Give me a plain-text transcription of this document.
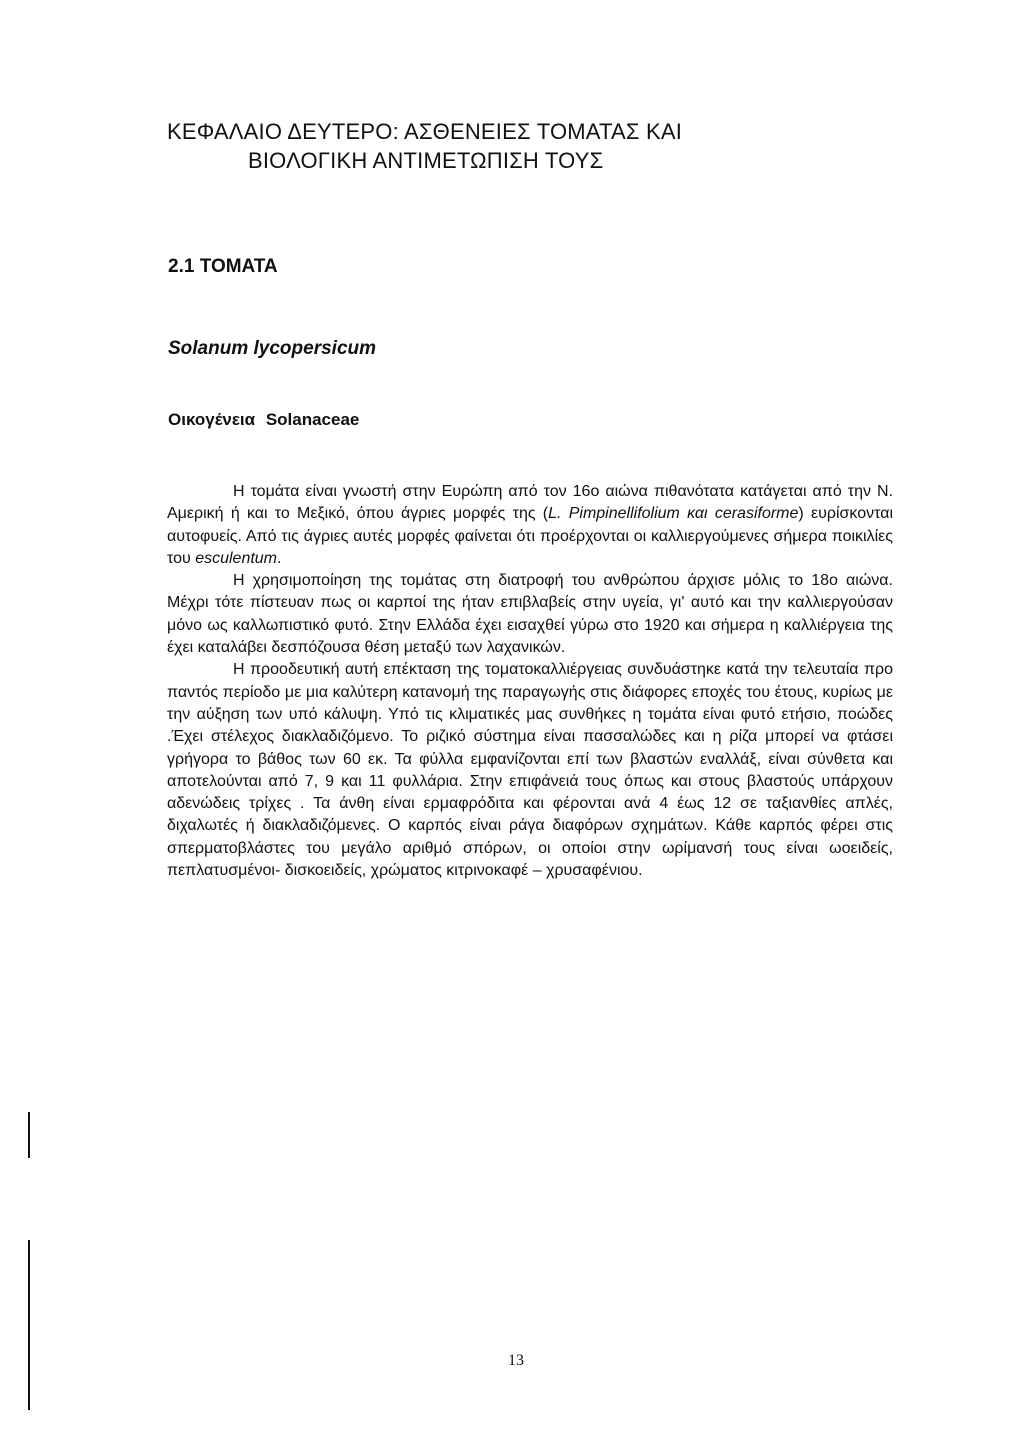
ΚΕΦΑΛΑΙΟ ΔΕΥΤΕΡΟ: ΑΣΘΕΝΕΙΕΣ ΤΟΜΑΤΑΣ ΚΑΙ
ΒΙΟΛΟΓΙΚΗ ΑΝΤΙΜΕΤΩΠΙΣΗ ΤΟΥΣ
2.1 ΤΟΜΑΤΑ
Solanum lycopersicum
Οικογένεια Solanaceae

Η τομάτα είναι γνωστή στην Ευρώπη από τον 16ο αιώνα πιθανότατα κατάγεται από την Ν. Αμερική ή και το Μεξικό, όπου άγριες μορφές της (L. Pimpinellifolium και cerasiforme) ευρίσκονται αυτοφυείς. Από τις άγριες αυτές μορφές φαίνεται ότι προέρχονται οι καλλιεργούμενες σήμερα ποικιλίες του esculentum.

Η χρησιμοποίηση της τομάτας στη διατροφή του ανθρώπου άρχισε μόλις το 18ο αιώνα. Μέχρι τότε πίστευαν πως οι καρποί της ήταν επιβλαβείς στην υγεία, γι' αυτό και την καλλιεργούσαν μόνο ως καλλωπιστικό φυτό. Στην Ελλάδα έχει εισαχθεί γύρω στο 1920 και σήμερα η καλλιέργεια της έχει καταλάβει δεσπόζουσα θέση μεταξύ των λαχανικών.

Η προοδευτική αυτή επέκταση της τοματοκαλλιέργειας συνδυάστηκε κατά την τελευταία προ παντός περίοδο με μια καλύτερη κατανομή της παραγωγής στις διάφορες εποχές του έτους, κυρίως με την αύξηση των υπό κάλυψη. Υπό τις κλιματικές μας συνθήκες η τομάτα είναι φυτό ετήσιο, ποώδες .Έχει στέλεχος διακλαδιζόμενο. Το ριζικό σύστημα είναι πασσαλώδες και η ρίζα μπορεί να φτάσει γρήγορα το βάθος των 60 εκ. Τα φύλλα εμφανίζονται επί των βλαστών εναλλάξ, είναι σύνθετα και αποτελούνται από 7, 9 και 11 φυλλάρια. Στην επιφάνειά τους όπως και στους βλαστούς υπάρχουν αδενώδεις τρίχες . Τα άνθη είναι ερμαφρόδιτα και φέρονται ανά 4 έως 12 σε ταξιανθίες απλές, διχαλωτές ή διακλαδιζόμενες. Ο καρπός είναι ράγα διαφόρων σχημάτων. Κάθε καρπός φέρει στις σπερματοβλάστες του μεγάλο αριθμό σπόρων, οι οποίοι στην ωρίμανσή τους είναι ωοειδείς, πεπλατυσμένοι- δισκοειδείς, χρώματος κιτρινοκαφέ – χρυσαφένιου.

13
